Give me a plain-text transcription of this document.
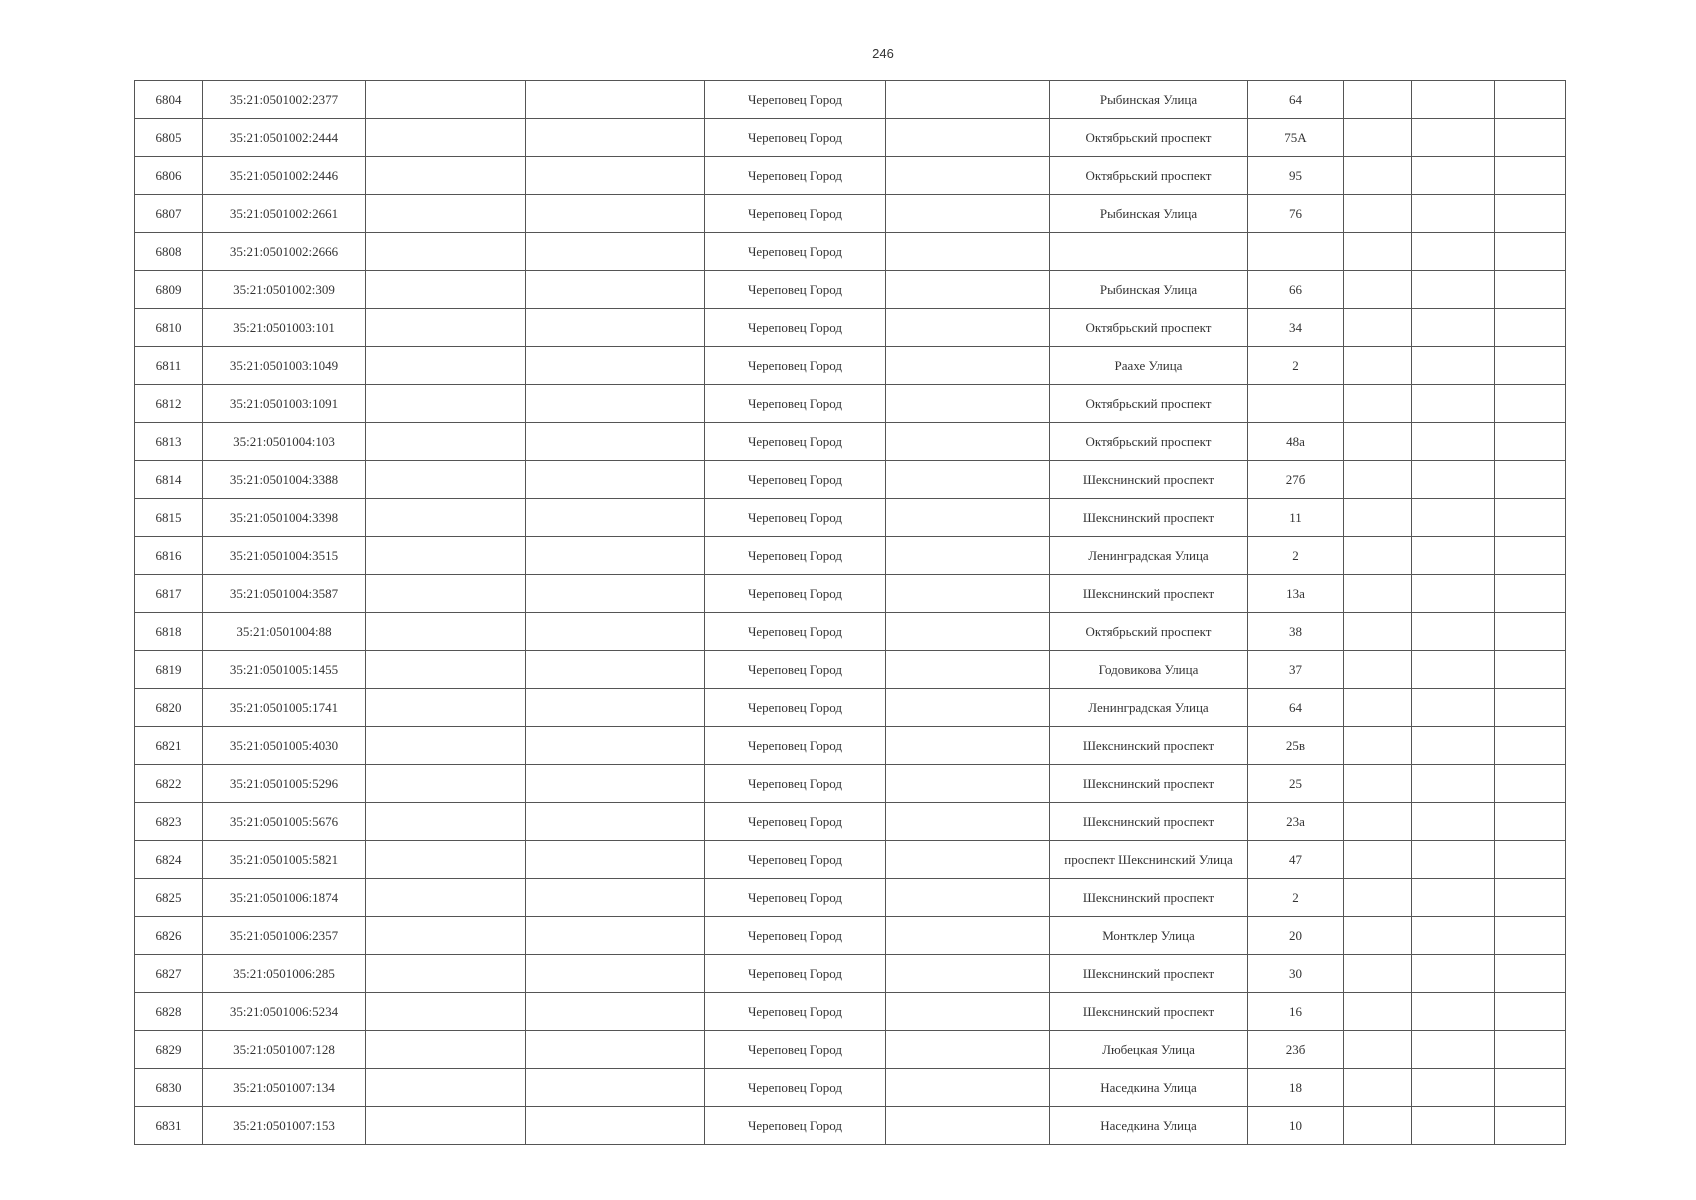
246
6804	35:21:0501002:2377			Череповец Город		Рыбинская Улица	64			
6805	35:21:0501002:2444			Череповец Город		Октябрьский проспект	75А			
6806	35:21:0501002:2446			Череповец Город		Октябрьский проспект	95			
6807	35:21:0501002:2661			Череповец Город		Рыбинская Улица	76			
6808	35:21:0501002:2666			Череповец Город						
6809	35:21:0501002:309			Череповец Город		Рыбинская Улица	66			
6810	35:21:0501003:101			Череповец Город		Октябрьский проспект	34			
6811	35:21:0501003:1049			Череповец Город		Раахе Улица	2			
6812	35:21:0501003:1091			Череповец Город		Октябрьский проспект				
6813	35:21:0501004:103			Череповец Город		Октябрьский проспект	48а			
6814	35:21:0501004:3388			Череповец Город		Шекснинский проспект	27б			
6815	35:21:0501004:3398			Череповец Город		Шекснинский проспект	11			
6816	35:21:0501004:3515			Череповец Город		Ленинградская Улица	2			
6817	35:21:0501004:3587			Череповец Город		Шекснинский проспект	13а			
6818	35:21:0501004:88			Череповец Город		Октябрьский проспект	38			
6819	35:21:0501005:1455			Череповец Город		Годовикова Улица	37			
6820	35:21:0501005:1741			Череповец Город		Ленинградская Улица	64			
6821	35:21:0501005:4030			Череповец Город		Шекснинский проспект	25в			
6822	35:21:0501005:5296			Череповец Город		Шекснинский проспект	25			
6823	35:21:0501005:5676			Череповец Город		Шекснинский проспект	23а			
6824	35:21:0501005:5821			Череповец Город		проспект Шекснинский Улица	47			
6825	35:21:0501006:1874			Череповец Город		Шекснинский проспект	2			
6826	35:21:0501006:2357			Череповец Город		Монтклер Улица	20			
6827	35:21:0501006:285			Череповец Город		Шекснинский проспект	30			
6828	35:21:0501006:5234			Череповец Город		Шекснинский проспект	16			
6829	35:21:0501007:128			Череповец Город		Любецкая Улица	23б			
6830	35:21:0501007:134			Череповец Город		Наседкина Улица	18			
6831	35:21:0501007:153			Череповец Город		Наседкина Улица	10			
